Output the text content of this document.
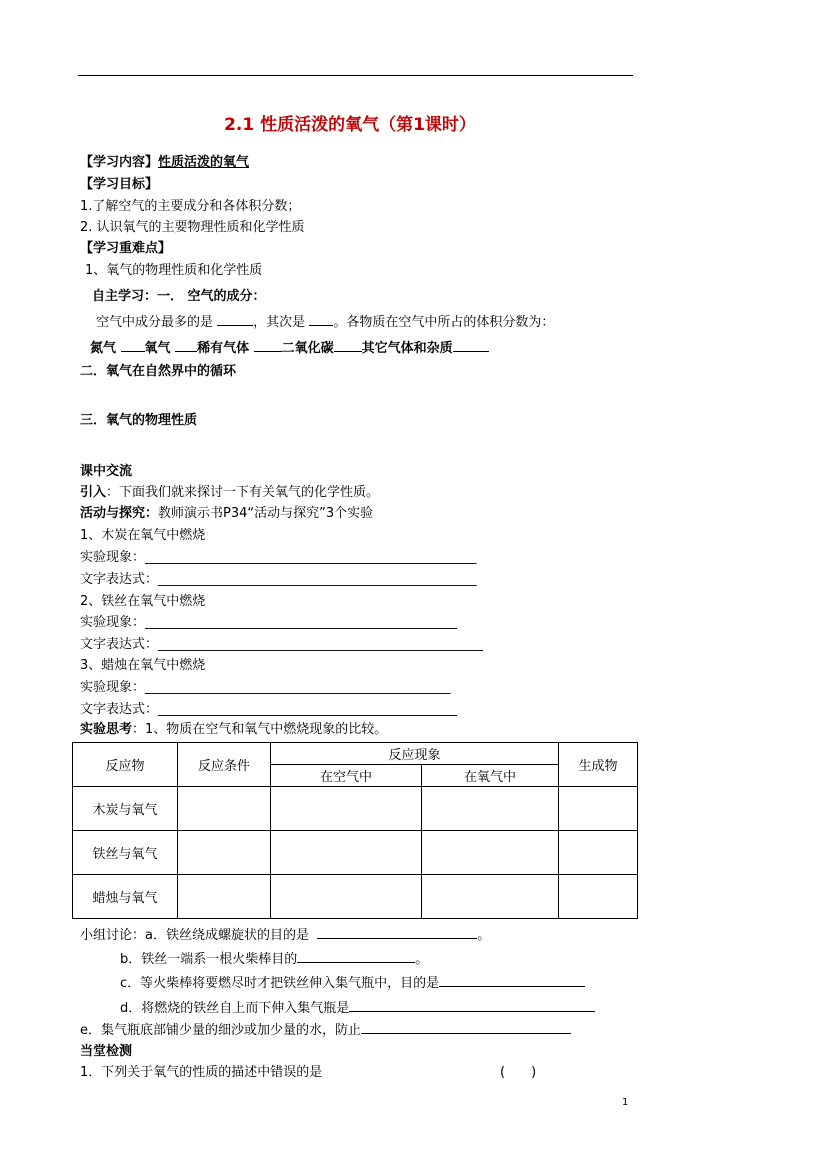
2.1 性质活泼的氧气（第1课时）
【学习内容】性质活泼的氧气
【学习目标】
1.了解空气的主要成分和各体积分数；
2. 认识氧气的主要物理性质和化学性质
【学习重难点】
1、氧气的物理性质和化学性质
自主学习：一． 空气的成分：
空气中成分最多的是	，其次是 。各物质在空气中所占的体积分数为：
氮气 氧气 稀有气体	二氧化碳 其它气体和杂质
二．氧气在自然界中的循环
三．氧气的物理性质
课中交流
引入：下面我们就来探讨一下有关氧气的化学性质。
活动与探究：教师演示书P34“活动与探究”3个实验
1、木炭在氧气中燃烧
实验现象：___________________________________________________
文字表达式：_________________________________________________
2、铁丝在氧气中燃烧
实验现象：________________________________________________
文字表达式：__________________________________________________
3、蜡烛在氧气中燃烧
实验现象：_______________________________________________
文字表达式：______________________________________________
实验思考：1、物质在空气和氧气中燃烧现象的比较。
反应物	反应条件	反应现象		生成物
		在空气中	在氧气中	
木炭与氧气				
铁丝与氧气				
蜡烛与氧气				
小组讨论：a．铁丝绕成螺旋状的目的是	。
b．铁丝一端系一根火柴棒目的	。
c．等火柴棒将要燃尽时才把铁丝伸入集气瓶中，目的是
d．将燃烧的铁丝自上而下伸入集气瓶是
e．集气瓶底部铺少量的细沙或加少量的水，防止
当堂检测
1．下列关于氧气的性质的描述中错误的是	(　　)
1
